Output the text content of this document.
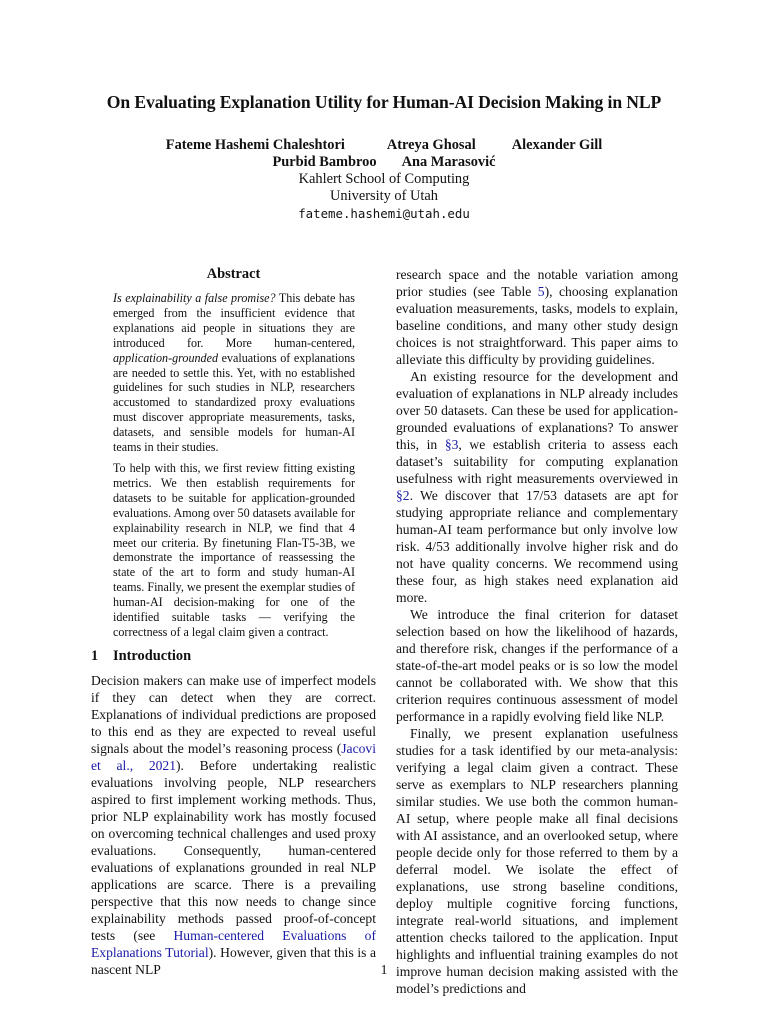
On Evaluating Explanation Utility for Human-AI Decision Making in NLP
Fateme Hashemi Chaleshtori	Atreya Ghosal	Alexander Gill
Purbid Bambroo Ana Marasović
Kahlert School of Computing
University of Utah
fateme.hashemi@utah.edu
Abstract

Is explainability a false promise? This debate has emerged from the insufficient evidence that explanations aid people in situations they are introduced for. More human-centered, application-grounded evaluations of explanations are needed to settle this. Yet, with no established guidelines for such studies in NLP, researchers accustomed to standardized proxy evaluations must discover appropriate measurements, tasks, datasets, and sensible models for human-AI teams in their studies.

To help with this, we first review fitting existing metrics. We then establish requirements for datasets to be suitable for application-grounded evaluations. Among over 50 datasets available for explainability research in NLP, we find that 4 meet our criteria. By finetuning Flan-T5-3B, we demonstrate the importance of reassessing the state of the art to form and study human-AI teams. Finally, we present the exemplar studies of human-AI decision-making for one of the identified suitable tasks — verifying the correctness of a legal claim given a contract.

1 Introduction

Decision makers can make use of imperfect models if they can detect when they are correct. Explanations of individual predictions are proposed to this end as they are expected to reveal useful signals about the model’s reasoning process (Jacovi et al., 2021). Before undertaking realistic evaluations involving people, NLP researchers aspired to first implement working methods. Thus, prior NLP explainability work has mostly focused on overcoming technical challenges and used proxy evaluations. Consequently, human-centered evaluations of explanations grounded in real NLP applications are scarce. There is a prevailing perspective that this now needs to change since explainability methods passed proof-of-concept tests (see Human-centered Evaluations of Explanations Tutorial). However, given that this is a nascent NLP

research space and the notable variation among prior studies (see Table 5), choosing explanation evaluation measurements, tasks, models to explain, baseline conditions, and many other study design choices is not straightforward. This paper aims to alleviate this difficulty by providing guidelines.

An existing resource for the development and evaluation of explanations in NLP already includes over 50 datasets. Can these be used for application-grounded evaluations of explanations? To answer this, in §3, we establish criteria to assess each dataset’s suitability for computing explanation usefulness with right measurements overviewed in §2. We discover that 17/53 datasets are apt for studying appropriate reliance and complementary human-AI team performance but only involve low risk. 4/53 additionally involve higher risk and do not have quality concerns. We recommend using these four, as high stakes need explanation aid more.

We introduce the final criterion for dataset selection based on how the likelihood of hazards, and therefore risk, changes if the performance of a state-of-the-art model peaks or is so low the model cannot be collaborated with. We show that this criterion requires continuous assessment of model performance in a rapidly evolving field like NLP.

Finally, we present explanation usefulness studies for a task identified by our meta-analysis: verifying a legal claim given a contract. These serve as exemplars to NLP researchers planning similar studies. We use both the common human-AI setup, where people make all final decisions with AI assistance, and an overlooked setup, where people decide only for those referred to them by a deferral model. We isolate the effect of explanations, use strong baseline conditions, deploy multiple cognitive forcing functions, integrate real-world situations, and implement attention checks tailored to the application. Input highlights and influential training examples do not improve human decision making assisted with the model’s predictions and

1
